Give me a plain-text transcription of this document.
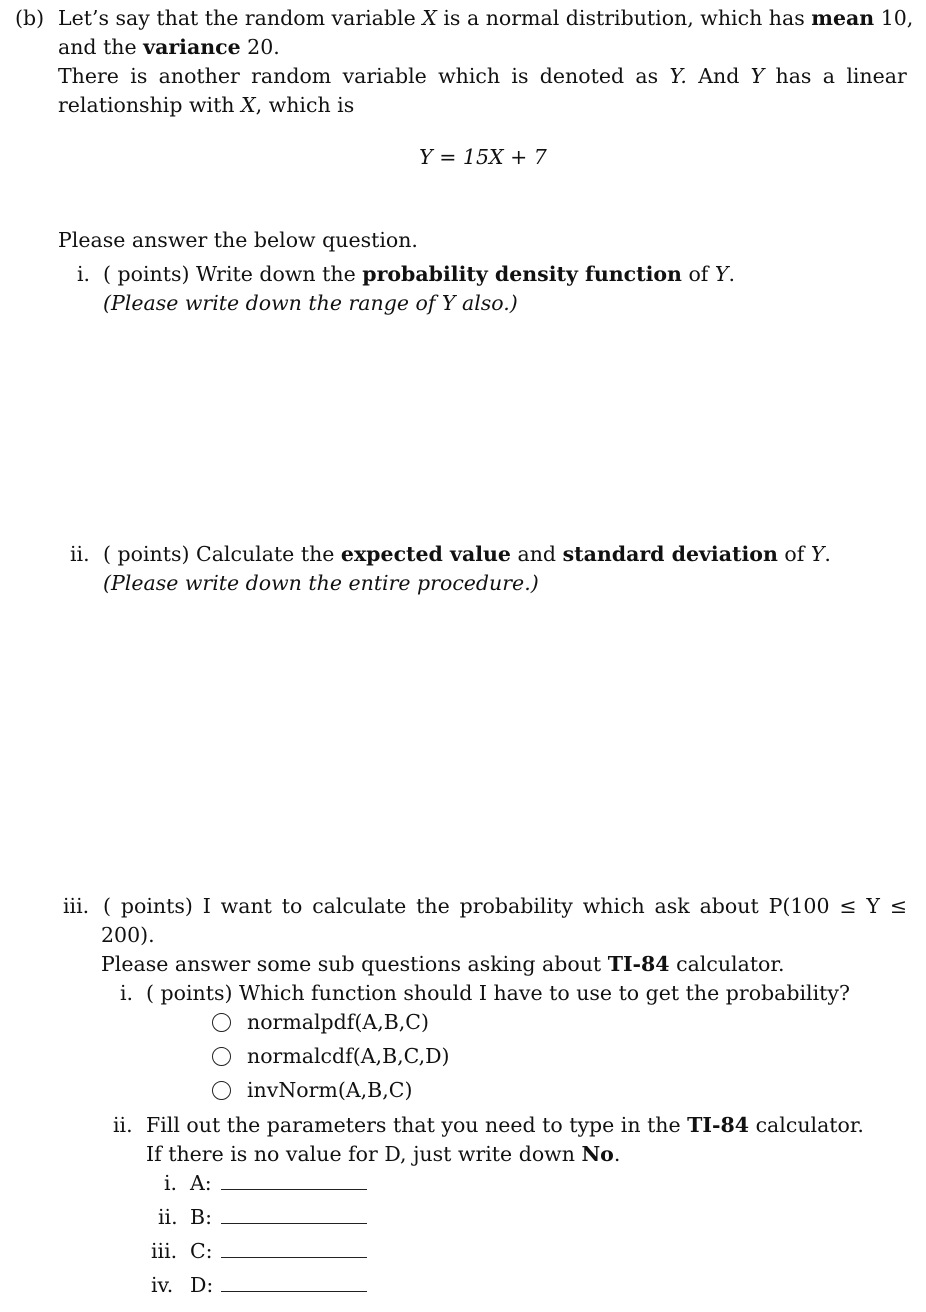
(b) Let’s say that the random variable X is a normal distribution, which has mean 10,
and the variance 20.
There is another random variable which is denoted as Y. And Y has a linear
relationship with X, which is
Y = 15X + 7
Please answer the below question.
i. ( points) Write down the probability density function of Y.
(Please write down the range of Y also.)
ii. ( points) Calculate the expected value and standard deviation of Y.
(Please write down the entire procedure.)
iii. ( points) I want to calculate the probability which ask about P(100 ≤ Y ≤
200).
Please answer some sub questions asking about TI-84 calculator.
i. ( points) Which function should I have to use to get the probability?
normalpdf(A,B,C)
normalcdf(A,B,C,D)
invNorm(A,B,C)
ii. Fill out the parameters that you need to type in the TI-84 calculator.
If there is no value for D, just write down No.
i. A:
ii. B:
iii. C:
iv. D:
